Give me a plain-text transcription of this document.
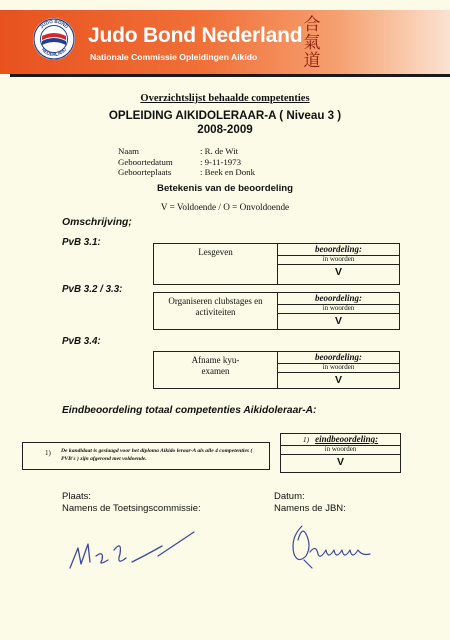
JUDO BOND
NEDERLAND
Judo Bond Nederland
Nationale Commissie Opleidingen Aikido
合
氣
道
Overzichtslijst behaalde competenties
OPLEIDING AIKIDOLERAAR-A ( Niveau 3 )
2008-2009
Naam	: R. de Wit
Geboortedatum	: 9-11-1973
Geboorteplaats	: Beek en Donk
Betekenis van de beoordeling
V = Voldoende / O = Onvoldoende
Omschrijving;
PvB 3.1:
Lesgeven	beoordeling:
in woorden
V
PvB 3.2 / 3.3:
Organiseren clubstages en activiteiten
beoordeling:
in woorden
V
PvB 3.4:
Afname kyu-examen
beoordeling:
in woorden
V
Eindbeoordeling totaal competenties Aikidoleraar-A:
1) De kandidaat is geslaagd voor het diploma Aikido leraar-A als alle 4 competenties ( PVB's ) zijn afgerond met voldoende.
1) eindbeoordeling:
in woorden
V
Plaats:
Namens de Toetsingscommissie:
Datum:
Namens de JBN:
